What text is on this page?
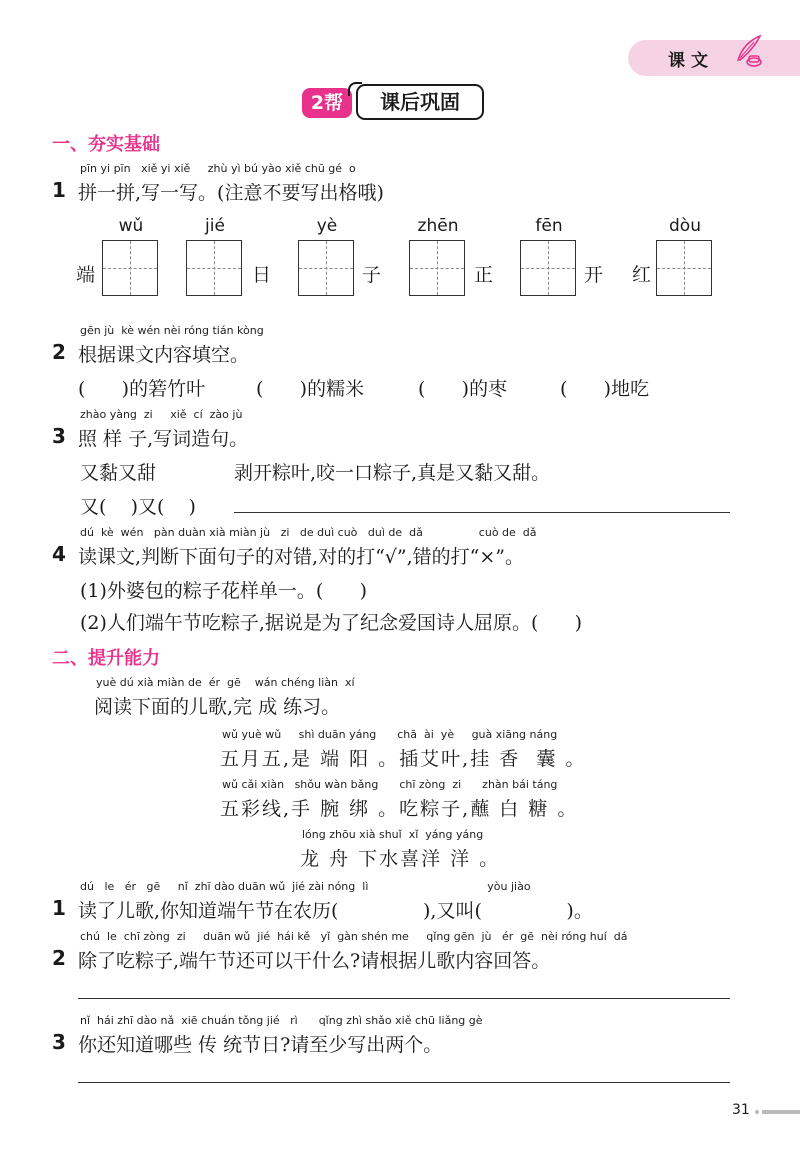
课文
2帮	课后巩固
一、夯实基础
pīn yi pīn   xiě yi xiě     zhù yì bú yào xiě chū gé  o
1 拼一拼,写一写。(注意不要写出格哦)
端
wǔ	jié
日
yè
子
zhēn
正
fēn
开 红
dòu
gēn jù  kè wén nèi róng tián kòng
2 根据课文内容填空。
(      )的箬竹叶	(      )的糯米	(      )的枣	(      )地吃
zhào yàng  zi     xiě  cí  zào jù
3 照 样 子,写词造句。
又黏又甜	剥开粽叶,咬一口粽子,真是又黏又甜。
又(    )又(    )
dú  kè  wén   pàn duàn xià miàn jù   zi   de duì cuò   duì de  dǎ                cuò de  dǎ
4 读课文,判断下面句子的对错,对的打“√”,错的打“×”。
(1)外婆包的粽子花样单一。(      )
(2)人们端午节吃粽子,据说是为了纪念爱国诗人屈原。(      )
二、提升能力
yuè dú xià miàn de  ér  gē    wán chéng liàn  xí
阅读下面的儿歌,完 成 练习。
wǔ yuè wǔ     shì duān yáng      chā  ài  yè     guà xiāng náng
五月五,是 端 阳 。插艾叶,挂 香  囊 。
wǔ cǎi xiàn   shǒu wàn bǎng      chī zòng  zi      zhàn bái táng
五彩线,手 腕 绑 。吃粽子,蘸 白 糖 。
lóng zhōu xià shuǐ  xǐ  yáng yáng
龙 舟 下水喜洋 洋 。
dú   le   ér   gē     nǐ  zhī dào duān wǔ  jié zài nóng  lì                                  yòu jiào
1 读了儿歌,你知道端午节在农历(              ),又叫(              )。
chú  le  chī zòng  zi     duān wǔ  jié  hái kě   yǐ  gàn shén me     qǐng gēn  jù   ér  gē  nèi róng huí  dá
2 除了吃粽子,端午节还可以干什么?请根据儿歌内容回答。
nǐ  hái zhī dào nǎ  xiē chuán tǒng jié   rì      qǐng zhì shǎo xiě chū liǎng gè
3 你还知道哪些 传 统节日?请至少写出两个。
31
